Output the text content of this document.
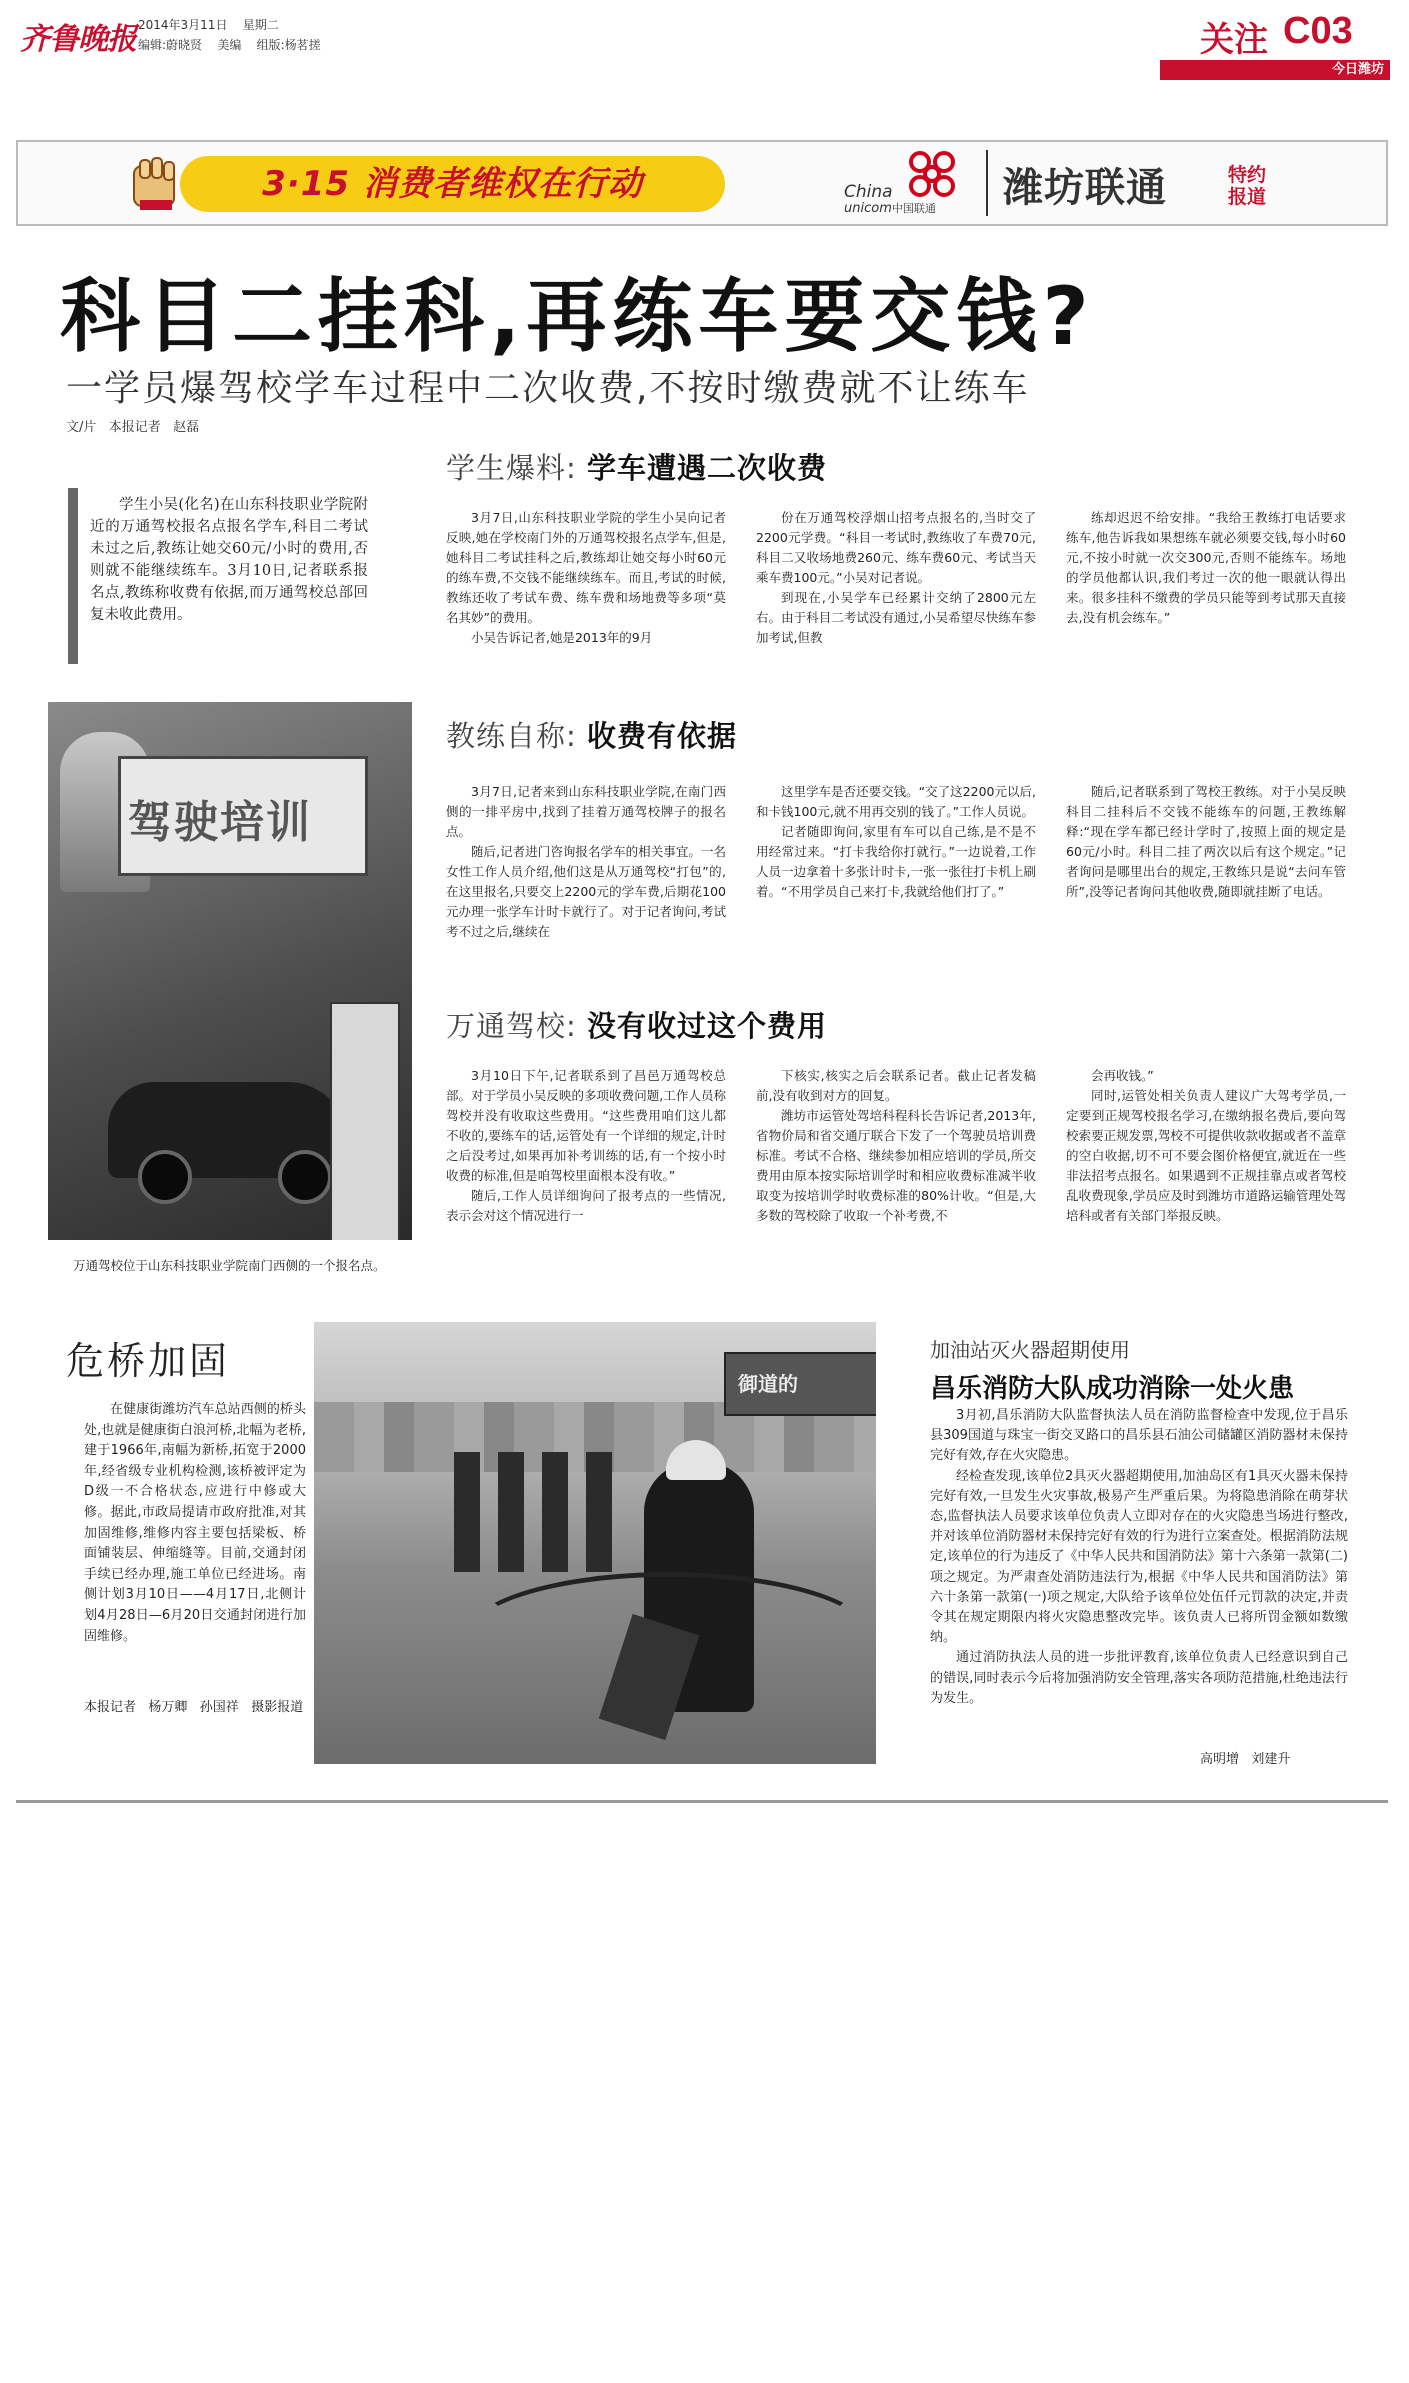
齐鲁晚报 2014年3月11日 星期二
编辑:蔚晓贤 美编 组版:杨茗搓	关注 C03
今日潍坊
3·15 消费者维权在行动	China
unicom中国联通 潍坊联通	特约
报道
科目二挂科,再练车要交钱?
一学员爆驾校学车过程中二次收费,不按时缴费就不让练车
文/片   本报记者   赵磊

学生小吴(化名)在山东科技职业学院附近的万通驾校报名点报名学车,科目二考试未过之后,教练让她交60元/小时的费用,否则就不能继续练车。3月10日,记者联系报名点,教练称收费有依据,而万通驾校总部回复未收此费用。

驾驶培训
万通驾校位于山东科技职业学院南门西侧的一个报名点。
学生爆料: 学车遭遇二次收费

3月7日,山东科技职业学院的学生小吴向记者反映,她在学校南门外的万通驾校报名点学车,但是,她科目二考试挂科之后,教练却让她交每小时60元的练车费,不交钱不能继续练车。而且,考试的时候,教练还收了考试车费、练车费和场地费等多项“莫名其妙”的费用。

小吴告诉记者,她是2013年的9月

份在万通驾校浮烟山招考点报名的,当时交了2200元学费。“科目一考试时,教练收了车费70元,科目二又收场地费260元、练车费60元、考试当天乘车费100元。”小吴对记者说。

到现在,小吴学车已经累计交纳了2800元左右。由于科目二考试没有通过,小吴希望尽快练车参加考试,但教

练却迟迟不给安排。“我给王教练打电话要求练车,他告诉我如果想练车就必须要交钱,每小时60元,不按小时就一次交300元,否则不能练车。场地的学员他都认识,我们考过一次的他一眼就认得出来。很多挂科不缴费的学员只能等到考试那天直接去,没有机会练车。”

教练自称: 收费有依据

3月7日,记者来到山东科技职业学院,在南门西侧的一排平房中,找到了挂着万通驾校牌子的报名点。

随后,记者进门咨询报名学车的相关事宜。一名女性工作人员介绍,他们这是从万通驾校“打包”的,在这里报名,只要交上2200元的学车费,后期花100元办理一张学车计时卡就行了。对于记者询问,考试考不过之后,继续在

这里学车是否还要交钱。“交了这2200元以后,和卡钱100元,就不用再交别的钱了。”工作人员说。

记者随即询问,家里有车可以自己练,是不是不用经常过来。“打卡我给你打就行。”一边说着,工作人员一边拿着十多张计时卡,一张一张往打卡机上刷着。“不用学员自己来打卡,我就给他们打了。”

随后,记者联系到了驾校王教练。对于小吴反映科目二挂科后不交钱不能练车的问题,王教练解释:“现在学车都已经计学时了,按照上面的规定是60元/小时。科目二挂了两次以后有这个规定。”记者询问是哪里出台的规定,王教练只是说“去问车管所”,没等记者询问其他收费,随即就挂断了电话。

万通驾校: 没有收过这个费用

3月10日下午,记者联系到了昌邑万通驾校总部。对于学员小吴反映的多项收费问题,工作人员称驾校并没有收取这些费用。“这些费用咱们这儿都不收的,要练车的话,运管处有一个详细的规定,计时之后没考过,如果再加补考训练的话,有一个按小时收费的标准,但是咱驾校里面根本没有收。”

随后,工作人员详细询问了报考点的一些情况,表示会对这个情况进行一

下核实,核实之后会联系记者。截止记者发稿前,没有收到对方的回复。

潍坊市运管处驾培科程科长告诉记者,2013年,省物价局和省交通厅联合下发了一个驾驶员培训费标准。考试不合格、继续参加相应培训的学员,所交费用由原本按实际培训学时和相应收费标准减半收取变为按培训学时收费标准的80%计收。“但是,大多数的驾校除了收取一个补考费,不

会再收钱。”

同时,运管处相关负责人建议广大驾考学员,一定要到正规驾校报名学习,在缴纳报名费后,要向驾校索要正规发票,驾校不可提供收款收据或者不盖章的空白收据,切不可不要会图价格便宜,就近在一些非法招考点报名。如果遇到不正规挂靠点或者驾校乱收费现象,学员应及时到潍坊市道路运输管理处驾培科或者有关部门举报反映。

危桥加固

在健康街潍坊汽车总站西侧的桥头处,也就是健康街白浪河桥,北幅为老桥,建于1966年,南幅为新桥,拓宽于2000年,经省级专业机构检测,该桥被评定为D级一不合格状态,应进行中修或大修。据此,市政局提请市政府批准,对其加固维修,维修内容主要包括梁板、桥面铺装层、伸缩缝等。目前,交通封闭手续已经办理,施工单位已经进场。南侧计划3月10日——4月17日,北侧计划4月28日—6月20日交通封闭进行加固维修。

本报记者   杨万卿   孙国祥   摄影报道
御道的
加油站灭火器超期使用
昌乐消防大队成功消除一处火患

3月初,昌乐消防大队监督执法人员在消防监督检查中发现,位于昌乐县309国道与珠宝一街交叉路口的昌乐县石油公司储罐区消防器材未保持完好有效,存在火灾隐患。

经检查发现,该单位2具灭火器超期使用,加油岛区有1具灭火器未保持完好有效,一旦发生火灾事故,极易产生严重后果。为将隐患消除在萌芽状态,监督执法人员要求该单位负责人立即对存在的火灾隐患当场进行整改,并对该单位消防器材未保持完好有效的行为进行立案查处。根据消防法规定,该单位的行为违反了《中华人民共和国消防法》第十六条第一款第(二)项之规定。为严肃查处消防违法行为,根据《中华人民共和国消防法》第六十条第一款第(一)项之规定,大队给予该单位处伍仟元罚款的决定,并责令其在规定期限内将火灾隐患整改完毕。该负责人已将所罚金额如数缴纳。

通过消防执法人员的进一步批评教育,该单位负责人已经意识到自己的错误,同时表示今后将加强消防安全管理,落实各项防范措施,杜绝违法行为发生。

高明增   刘建升
